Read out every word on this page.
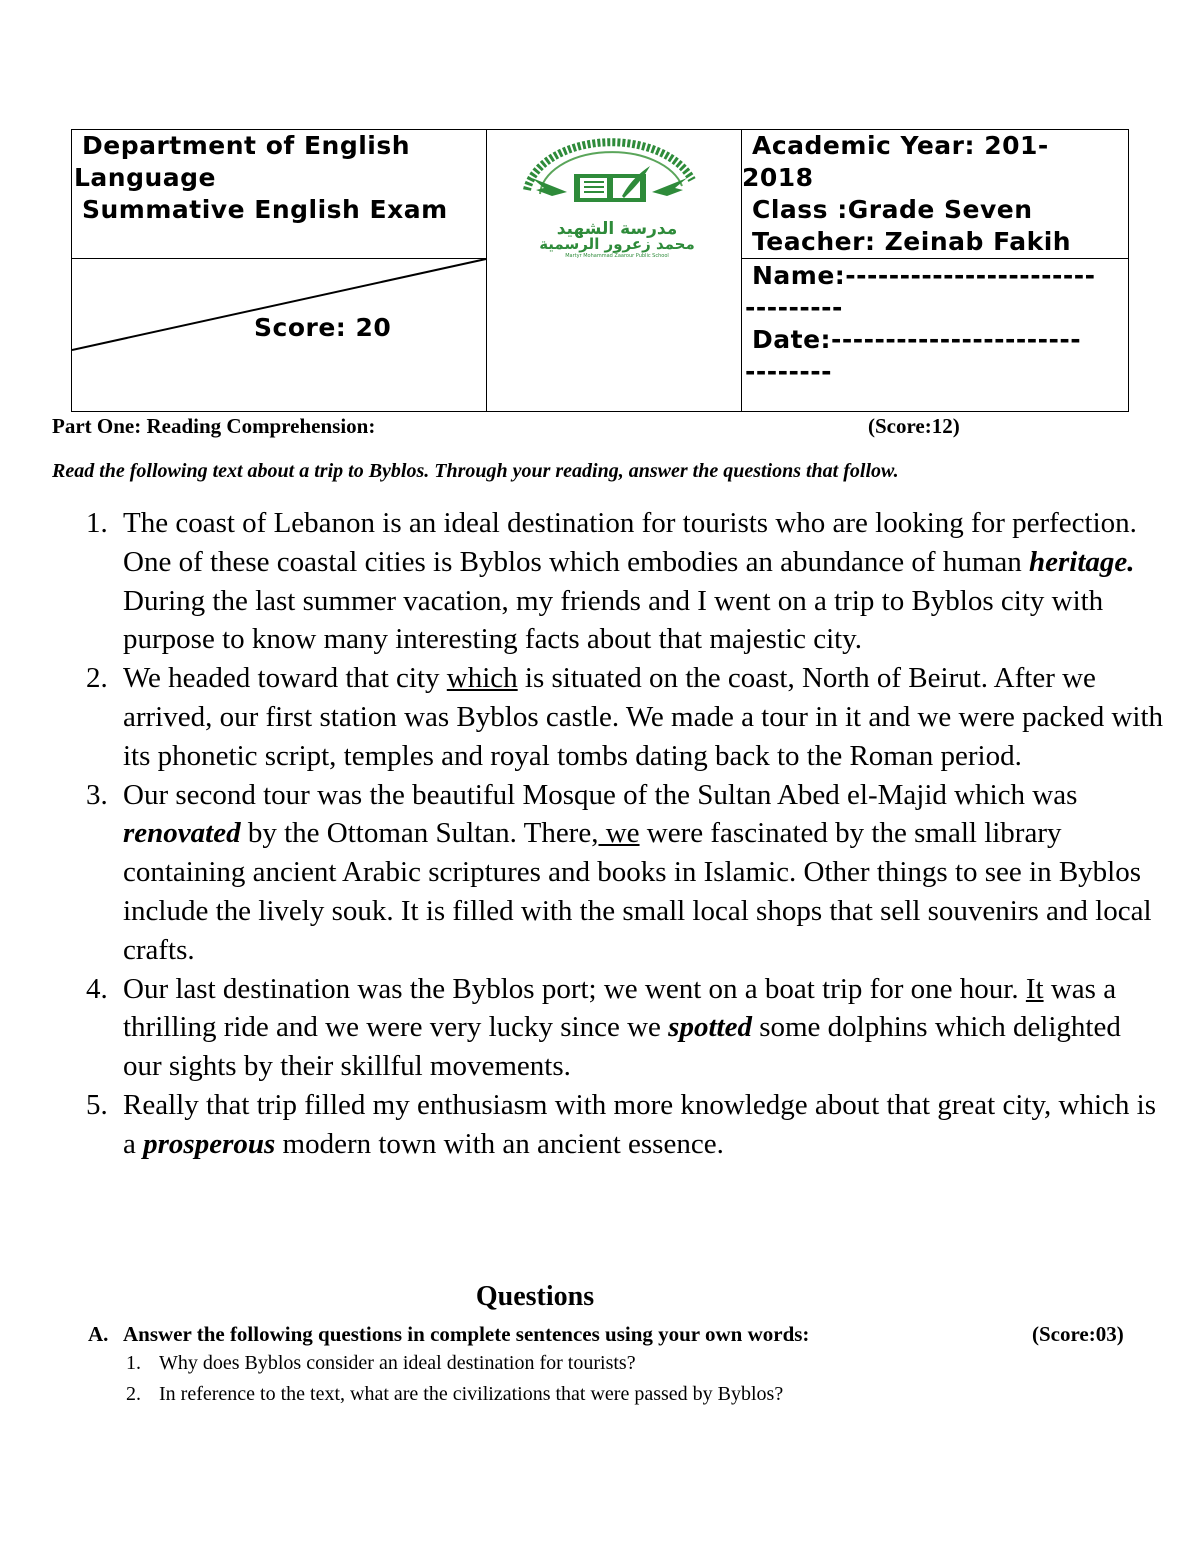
Department of English
Language
Summative English Exam
Score: 20
مدرسة الشهيد
محمد زعرور الرسمية
Martyr Mohammad Zaarour Public School
Academic Year: 201-
2018
Class :Grade Seven
Teacher: Zeinab Fakih
Name:-----------------------
---------
Date:-----------------------
--------
Part One: Reading Comprehension:	(Score:12)
Read the following text about a trip to Byblos. Through your reading, answer the questions that follow.
1. The coast of Lebanon is an ideal destination for tourists who are looking for perfection. One of these coastal cities is Byblos which embodies an abundance of human heritage. During the last summer vacation, my friends and I went on a trip to Byblos city with purpose to know many interesting facts about that majestic city.
2. We headed toward that city which is situated on the coast, North of Beirut. After we arrived, our first station was Byblos castle. We made a tour in it and we were packed with its phonetic script, temples and royal tombs dating back to the Roman period.
3. Our second tour was the beautiful Mosque of the Sultan Abed el-Majid which was renovated by the Ottoman Sultan. There, we were fascinated by the small library containing ancient Arabic scriptures and books in Islamic. Other things to see in Byblos include the lively souk. It is filled with the small local shops that sell souvenirs and local crafts.
4. Our last destination was the Byblos port; we went on a boat trip for one hour. It was a thrilling ride and we were very lucky since we spotted some dolphins which delighted our sights by their skillful movements.
5. Really that trip filled my enthusiasm with more knowledge about that great city, which is a prosperous modern town with an ancient essence.
Questions
A. Answer the following questions in complete sentences using your own words:	(Score:03)
1. Why does Byblos consider an ideal destination for tourists?
2. In reference to the text, what are the civilizations that were passed by Byblos?
